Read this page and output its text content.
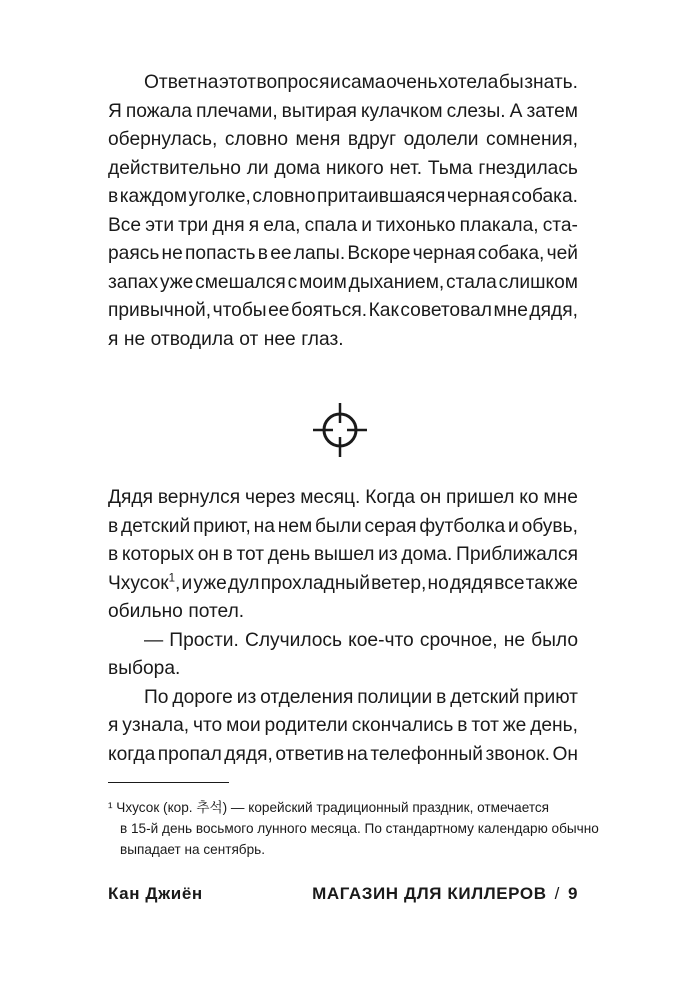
Ответ на этот вопрос я и сама очень хотела бы знать.
Я пожала плечами, вытирая кулачком слезы. А затем
обернулась, словно меня вдруг одолели сомнения,
действительно ли дома никого нет. Тьма гнездилась
в каждом уголке, словно притаившаяся черная собака.
Все эти три дня я ела, спала и тихонько плакала, ста-
раясь не попасть в ее лапы. Вскоре черная собака, чей
запах уже смешался с моим дыханием, стала слишком
привычной, чтобы ее бояться. Как советовал мне дядя,
я не отводила от нее глаз.
Дядя вернулся через месяц. Когда он пришел ко мне
в детский приют, на нем были серая футболка и обувь,
в которых он в тот день вышел из дома. Приближался
Чхусок$^1$, и уже дул прохладный ветер, но дядя все так же
обильно потел.
— Прости. Случилось кое-что срочное, не было
выбора.
По дороге из отделения полиции в детский приют
я узнала, что мои родители скончались в тот же день,
когда пропал дядя, ответив на телефонный звонок. Он
¹ Чхусок (кор. 추석) — корейский традиционный праздник, отмечается
в 15-й день восьмого лунного месяца. По стандартному календарю обычно
выпадает на сентябрь.
Кан Джиён	МАГАЗИН ДЛЯ КИЛЛЕРОВ / 9
